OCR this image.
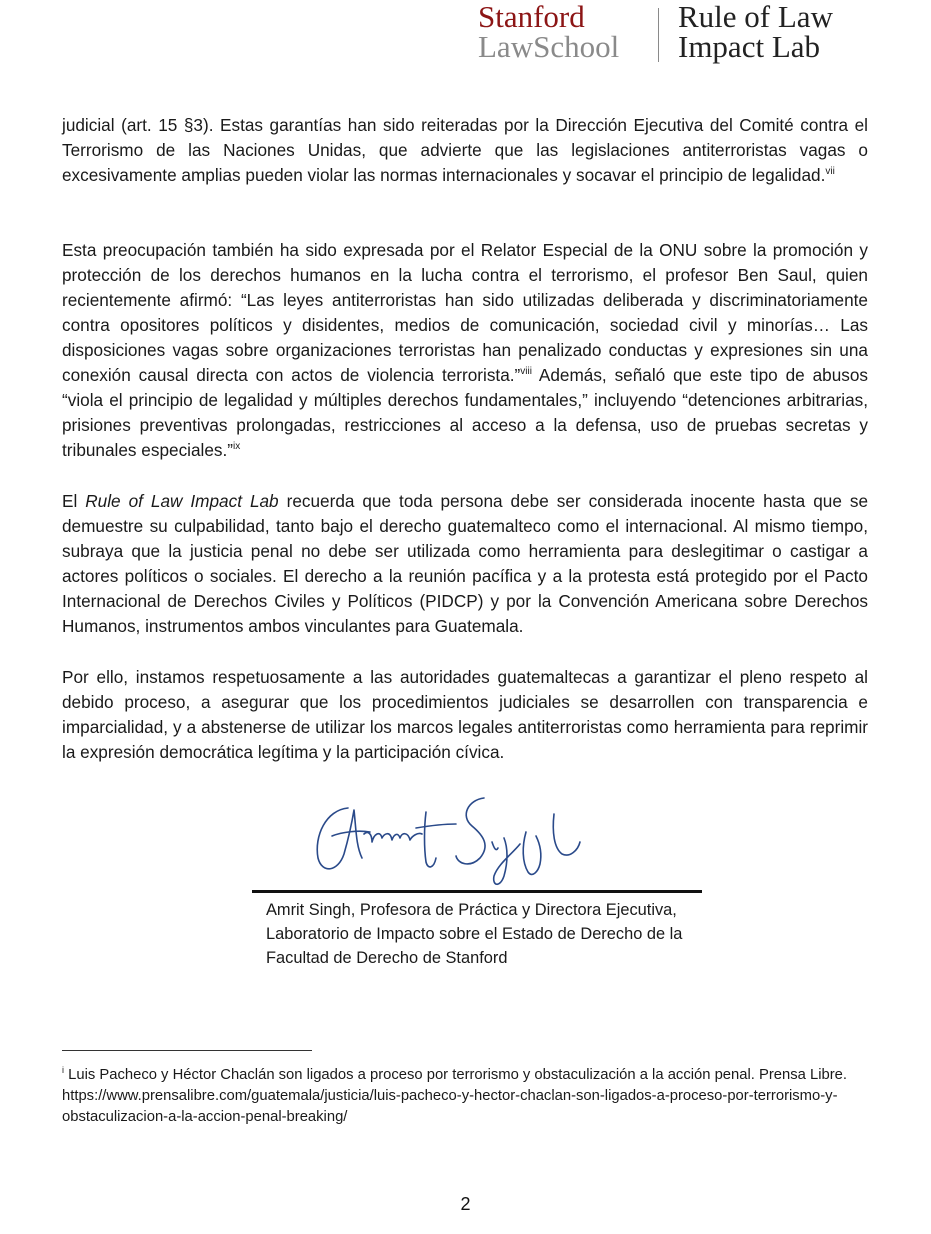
Stanford
LawSchool
Rule of Law
Impact Lab

judicial (art. 15 §3). Estas garantías han sido reiteradas por la Dirección Ejecutiva del Comité contra el Terrorismo de las Naciones Unidas, que advierte que las legislaciones antiterroristas vagas o excesivamente amplias pueden violar las normas internacionales y socavar el principio de legalidad.$^{vii}$

Esta preocupación también ha sido expresada por el Relator Especial de la ONU sobre la promoción y protección de los derechos humanos en la lucha contra el terrorismo, el profesor Ben Saul, quien recientemente afirmó: “Las leyes antiterroristas han sido utilizadas deliberada y discriminatoriamente contra opositores políticos y disidentes, medios de comunicación, sociedad civil y minorías… Las disposiciones vagas sobre organizaciones terroristas han penalizado conductas y expresiones sin una conexión causal directa con actos de violencia terrorista.”$^{viii}$ Además, señaló que este tipo de abusos “viola el principio de legalidad y múltiples derechos fundamentales,” incluyendo “detenciones arbitrarias, prisiones preventivas prolongadas, restricciones al acceso a la defensa, uso de pruebas secretas y tribunales especiales.”$^{ix}$

El Rule of Law Impact Lab recuerda que toda persona debe ser considerada inocente hasta que se demuestre su culpabilidad, tanto bajo el derecho guatemalteco como el internacional. Al mismo tiempo, subraya que la justicia penal no debe ser utilizada como herramienta para deslegitimar o castigar a actores políticos o sociales. El derecho a la reunión pacífica y a la protesta está protegido por el Pacto Internacional de Derechos Civiles y Políticos (PIDCP) y por la Convención Americana sobre Derechos Humanos, instrumentos ambos vinculantes para Guatemala.

Por ello, instamos respetuosamente a las autoridades guatemaltecas a garantizar el pleno respeto al debido proceso, a asegurar que los procedimientos judiciales se desarrollen con transparencia e imparcialidad, y a abstenerse de utilizar los marcos legales antiterroristas como herramienta para reprimir la expresión democrática legítima y la participación cívica.

Amrit Singh, Profesora de Práctica y Directora Ejecutiva,
Laboratorio de Impacto sobre el Estado de Derecho de la
Facultad de Derecho de Stanford

$^i$ Luis Pacheco y Héctor Chaclán son ligados a proceso por terrorismo y obstaculización a la acción penal. Prensa Libre. https://www.prensalibre.com/guatemala/justicia/luis-pacheco-y-hector-chaclan-son-ligados-a-proceso-por-terrorismo-y-obstaculizacion-a-la-accion-penal-breaking/

2
